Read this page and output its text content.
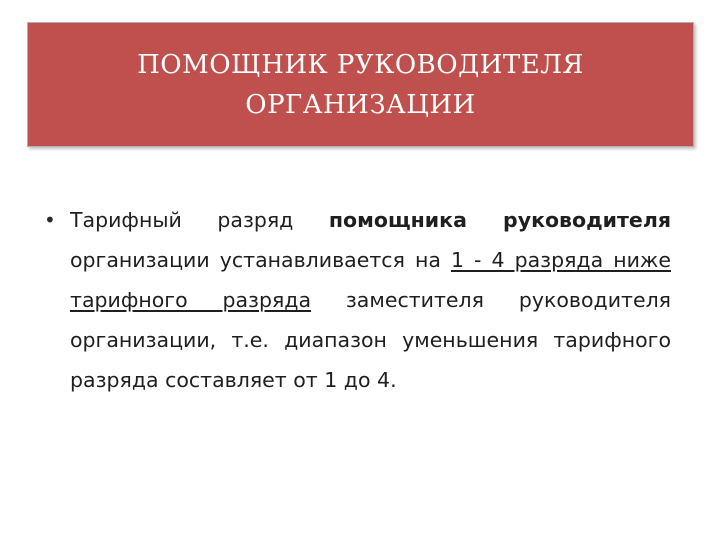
ПОМОЩНИК РУКОВОДИТЕЛЯ
ОРГАНИЗАЦИИ
• Тарифный разряд помощника руководителя организации устанавливается на 1 - 4 разряда ниже тарифного разряда заместителя руководителя организации, т.е. диапазон уменьшения тарифного разряда составляет от 1 до 4.
